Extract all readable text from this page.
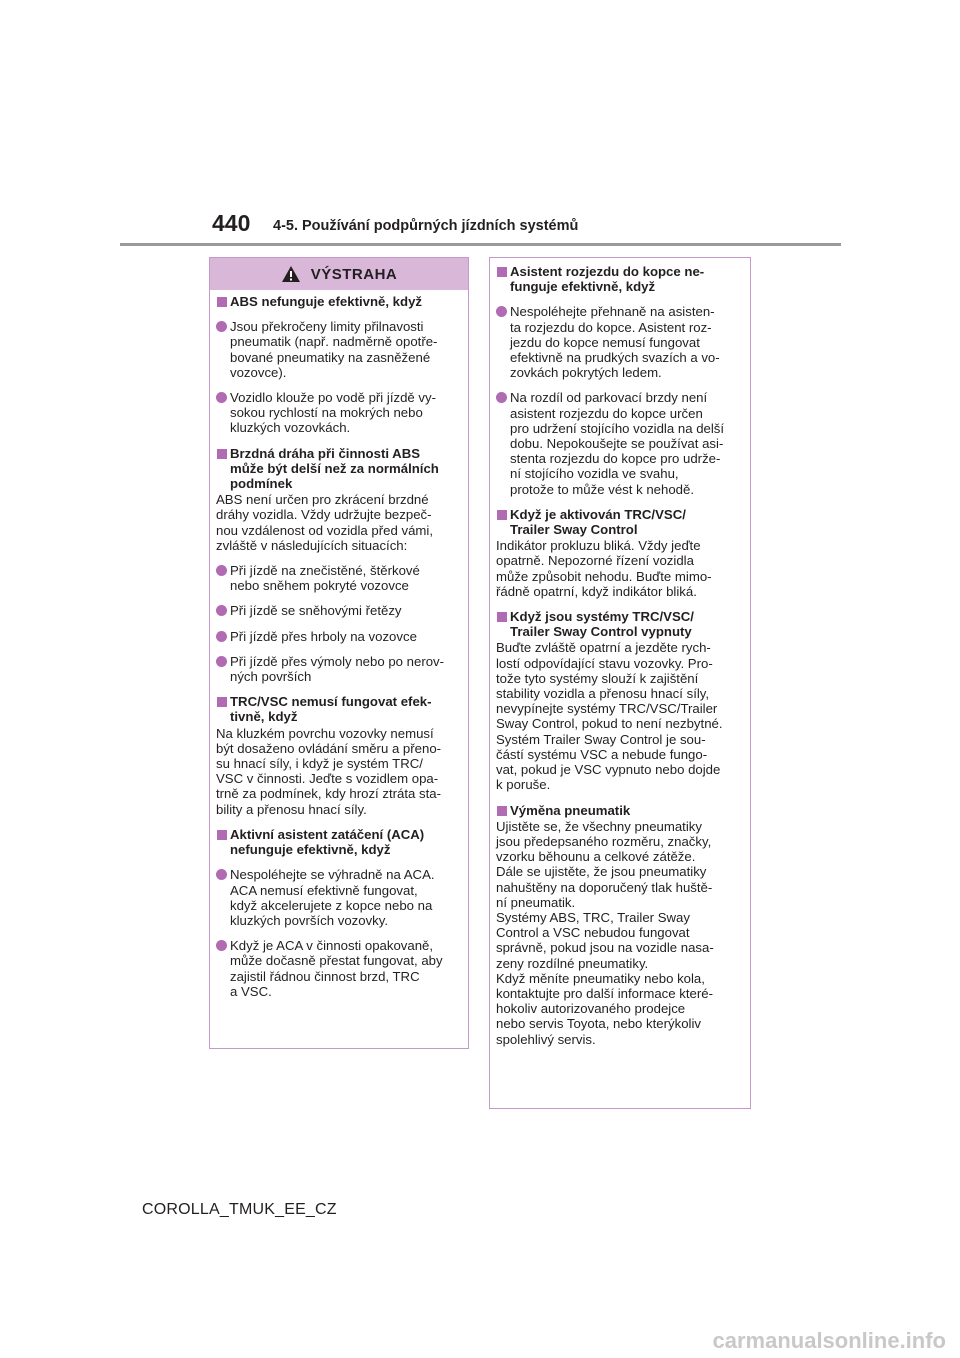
440 4-5. Používání podpůrných jízdních systémů
VÝSTRAHA
ABS nefunguje efektivně, když
Jsou překročeny limity přilnavosti
pneumatik (např. nadměrně opotře-
bované pneumatiky na zasněžené
vozovce).
Vozidlo klouže po vodě při jízdě vy-
sokou rychlostí na mokrých nebo
kluzkých vozovkách.
Brzdná dráha při činnosti ABS
může být delší než za normálních
podmínek
ABS není určen pro zkrácení brzdné
dráhy vozidla. Vždy udržujte bezpeč-
nou vzdálenost od vozidla před vámi,
zvláště v následujících situacích:
Při jízdě na znečistěné, štěrkové
nebo sněhem pokryté vozovce
Při jízdě se sněhovými řetězy
Při jízdě přes hrboly na vozovce
Při jízdě přes výmoly nebo po nerov-
ných površích
TRC/VSC nemusí fungovat efek-
tivně, když
Na kluzkém povrchu vozovky nemusí
být dosaženo ovládání směru a přeno-
su hnací síly, i když je systém TRC/
VSC v činnosti. Jeďte s vozidlem opa-
trně za podmínek, kdy hrozí ztráta sta-
bility a přenosu hnací síly.
Aktivní asistent zatáčení (ACA)
nefunguje efektivně, když
Nespoléhejte se výhradně na ACA.
ACA nemusí efektivně fungovat,
když akcelerujete z kopce nebo na
kluzkých površích vozovky.
Když je ACA v činnosti opakovaně,
může dočasně přestat fungovat, aby
zajistil řádnou činnost brzd, TRC
a VSC.
Asistent rozjezdu do kopce ne-
funguje efektivně, když
Nespoléhejte přehnaně na asisten-
ta rozjezdu do kopce. Asistent roz-
jezdu do kopce nemusí fungovat
efektivně na prudkých svazích a vo-
zovkách pokrytých ledem.
Na rozdíl od parkovací brzdy není
asistent rozjezdu do kopce určen
pro udržení stojícího vozidla na delší
dobu. Nepokoušejte se používat asi-
stenta rozjezdu do kopce pro udrže-
ní stojícího vozidla ve svahu,
protože to může vést k nehodě.
Když je aktivován TRC/VSC/
Trailer Sway Control
Indikátor prokluzu bliká. Vždy jeďte
opatrně. Nepozorné řízení vozidla
může způsobit nehodu. Buďte mimo-
řádně opatrní, když indikátor bliká.
Když jsou systémy TRC/VSC/
Trailer Sway Control vypnuty
Buďte zvláště opatrní a jezděte rych-
lostí odpovídající stavu vozovky. Pro-
tože tyto systémy slouží k zajištění
stability vozidla a přenosu hnací síly,
nevypínejte systémy TRC/VSC/Trailer
Sway Control, pokud to není nezbytné.
Systém Trailer Sway Control je sou-
částí systému VSC a nebude fungo-
vat, pokud je VSC vypnuto nebo dojde
k poruše.
Výměna pneumatik
Ujistěte se, že všechny pneumatiky
jsou předepsaného rozměru, značky,
vzorku běhounu a celkové zátěže.
Dále se ujistěte, že jsou pneumatiky
nahuštěny na doporučený tlak huště-
ní pneumatik.
Systémy ABS, TRC, Trailer Sway
Control a VSC nebudou fungovat
správně, pokud jsou na vozidle nasa-
zeny rozdílné pneumatiky.
Když měníte pneumatiky nebo kola,
kontaktujte pro další informace které-
hokoliv autorizovaného prodejce
nebo servis Toyota, nebo kterýkoliv
spolehlivý servis.
COROLLA_TMUK_EE_CZ
carmanualsonline.info
